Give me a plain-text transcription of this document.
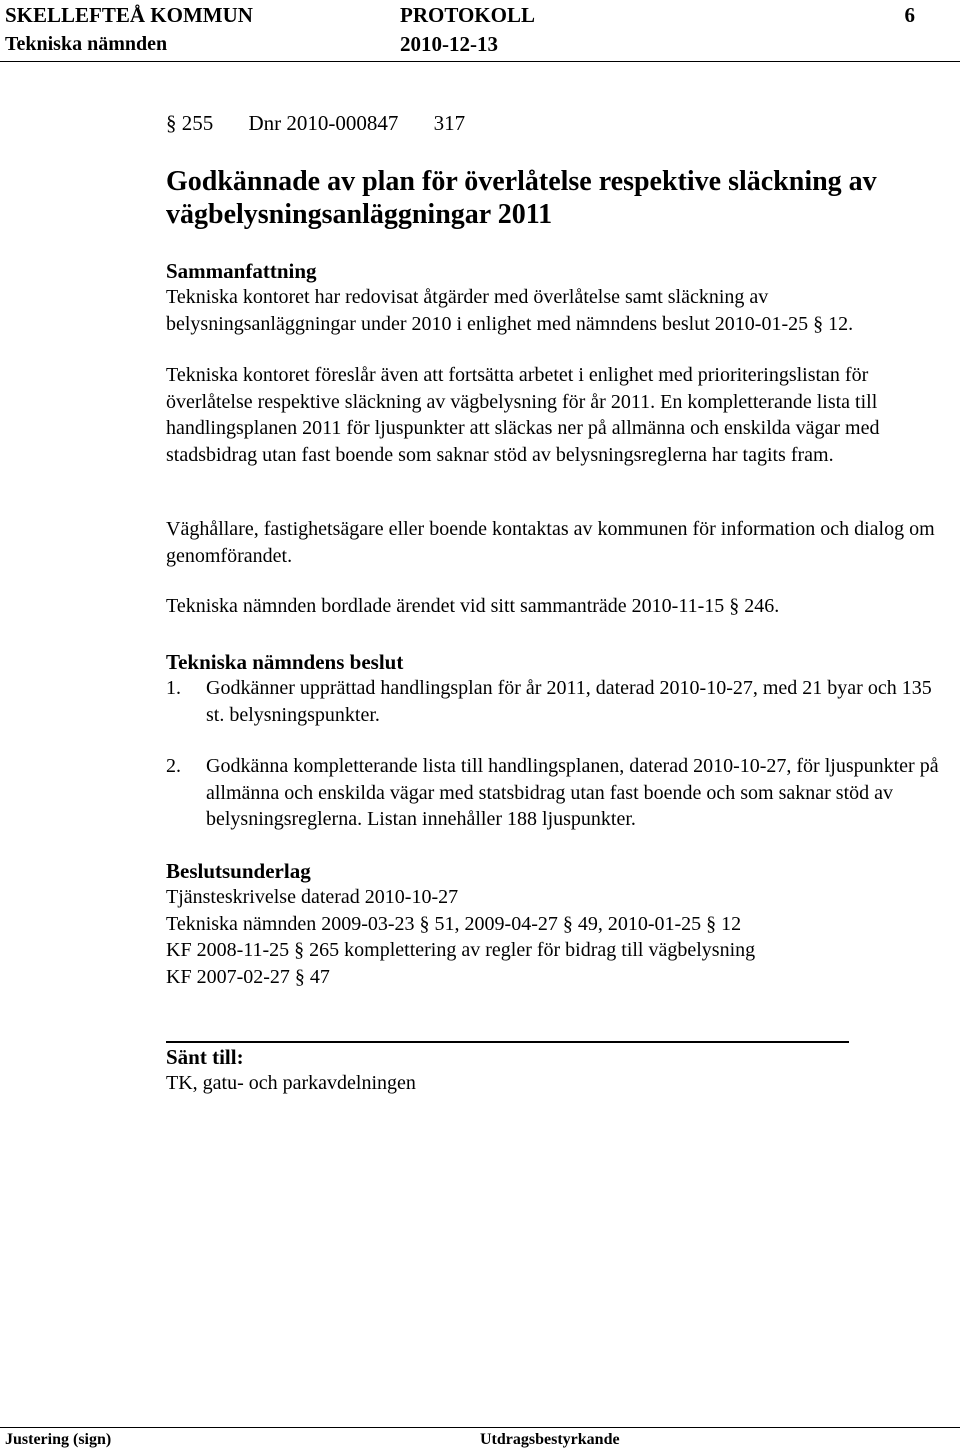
SKELLEFTEÅ KOMMUN	PROTOKOLL	6
Tekniska nämnden	2010-12-13
§ 255 Dnr 2010-000847 317
Godkännade av plan för överlåtelse respektive släckning av vägbelysningsanläggningar 2011

Sammanfattning

Tekniska kontoret har redovisat åtgärder med överlåtelse samt släckning av belysningsanläggningar under 2010 i enlighet med nämndens beslut 2010-01-25 § 12.

Tekniska kontoret föreslår även att fortsätta arbetet i enlighet med prioriteringslistan för överlåtelse respektive släckning av vägbelysning för år 2011. En kompletterande lista till handlingsplanen 2011 för ljuspunkter att släckas ner på allmänna och enskilda vägar med stadsbidrag utan fast boende som saknar stöd av belysningsreglerna har tagits fram.

Väghållare, fastighetsägare eller boende kontaktas av kommunen för information och dialog om genomförandet.

Tekniska nämnden bordlade ärendet vid sitt sammanträde 2010-11-15 § 246.

Tekniska nämndens beslut

1.	Godkänner upprättad handlingsplan för år 2011, daterad 2010-10-27, med 21 byar och 135 st. belysningspunkter.
2.	Godkänna kompletterande lista till handlingsplanen, daterad 2010-10-27, för ljuspunkter på allmänna och enskilda vägar med statsbidrag utan fast boende och som saknar stöd av belysningsreglerna. Listan innehåller 188 ljuspunkter.

Beslutsunderlag

Tjänsteskrivelse daterad 2010-10-27

Tekniska nämnden 2009-03-23 § 51, 2009-04-27 § 49, 2010-01-25 § 12

KF 2008-11-25 § 265 komplettering av regler för bidrag till vägbelysning

KF 2007-02-27 § 47

Sänt till:

TK, gatu- och parkavdelningen

Justering (sign)	Utdragsbestyrkande
